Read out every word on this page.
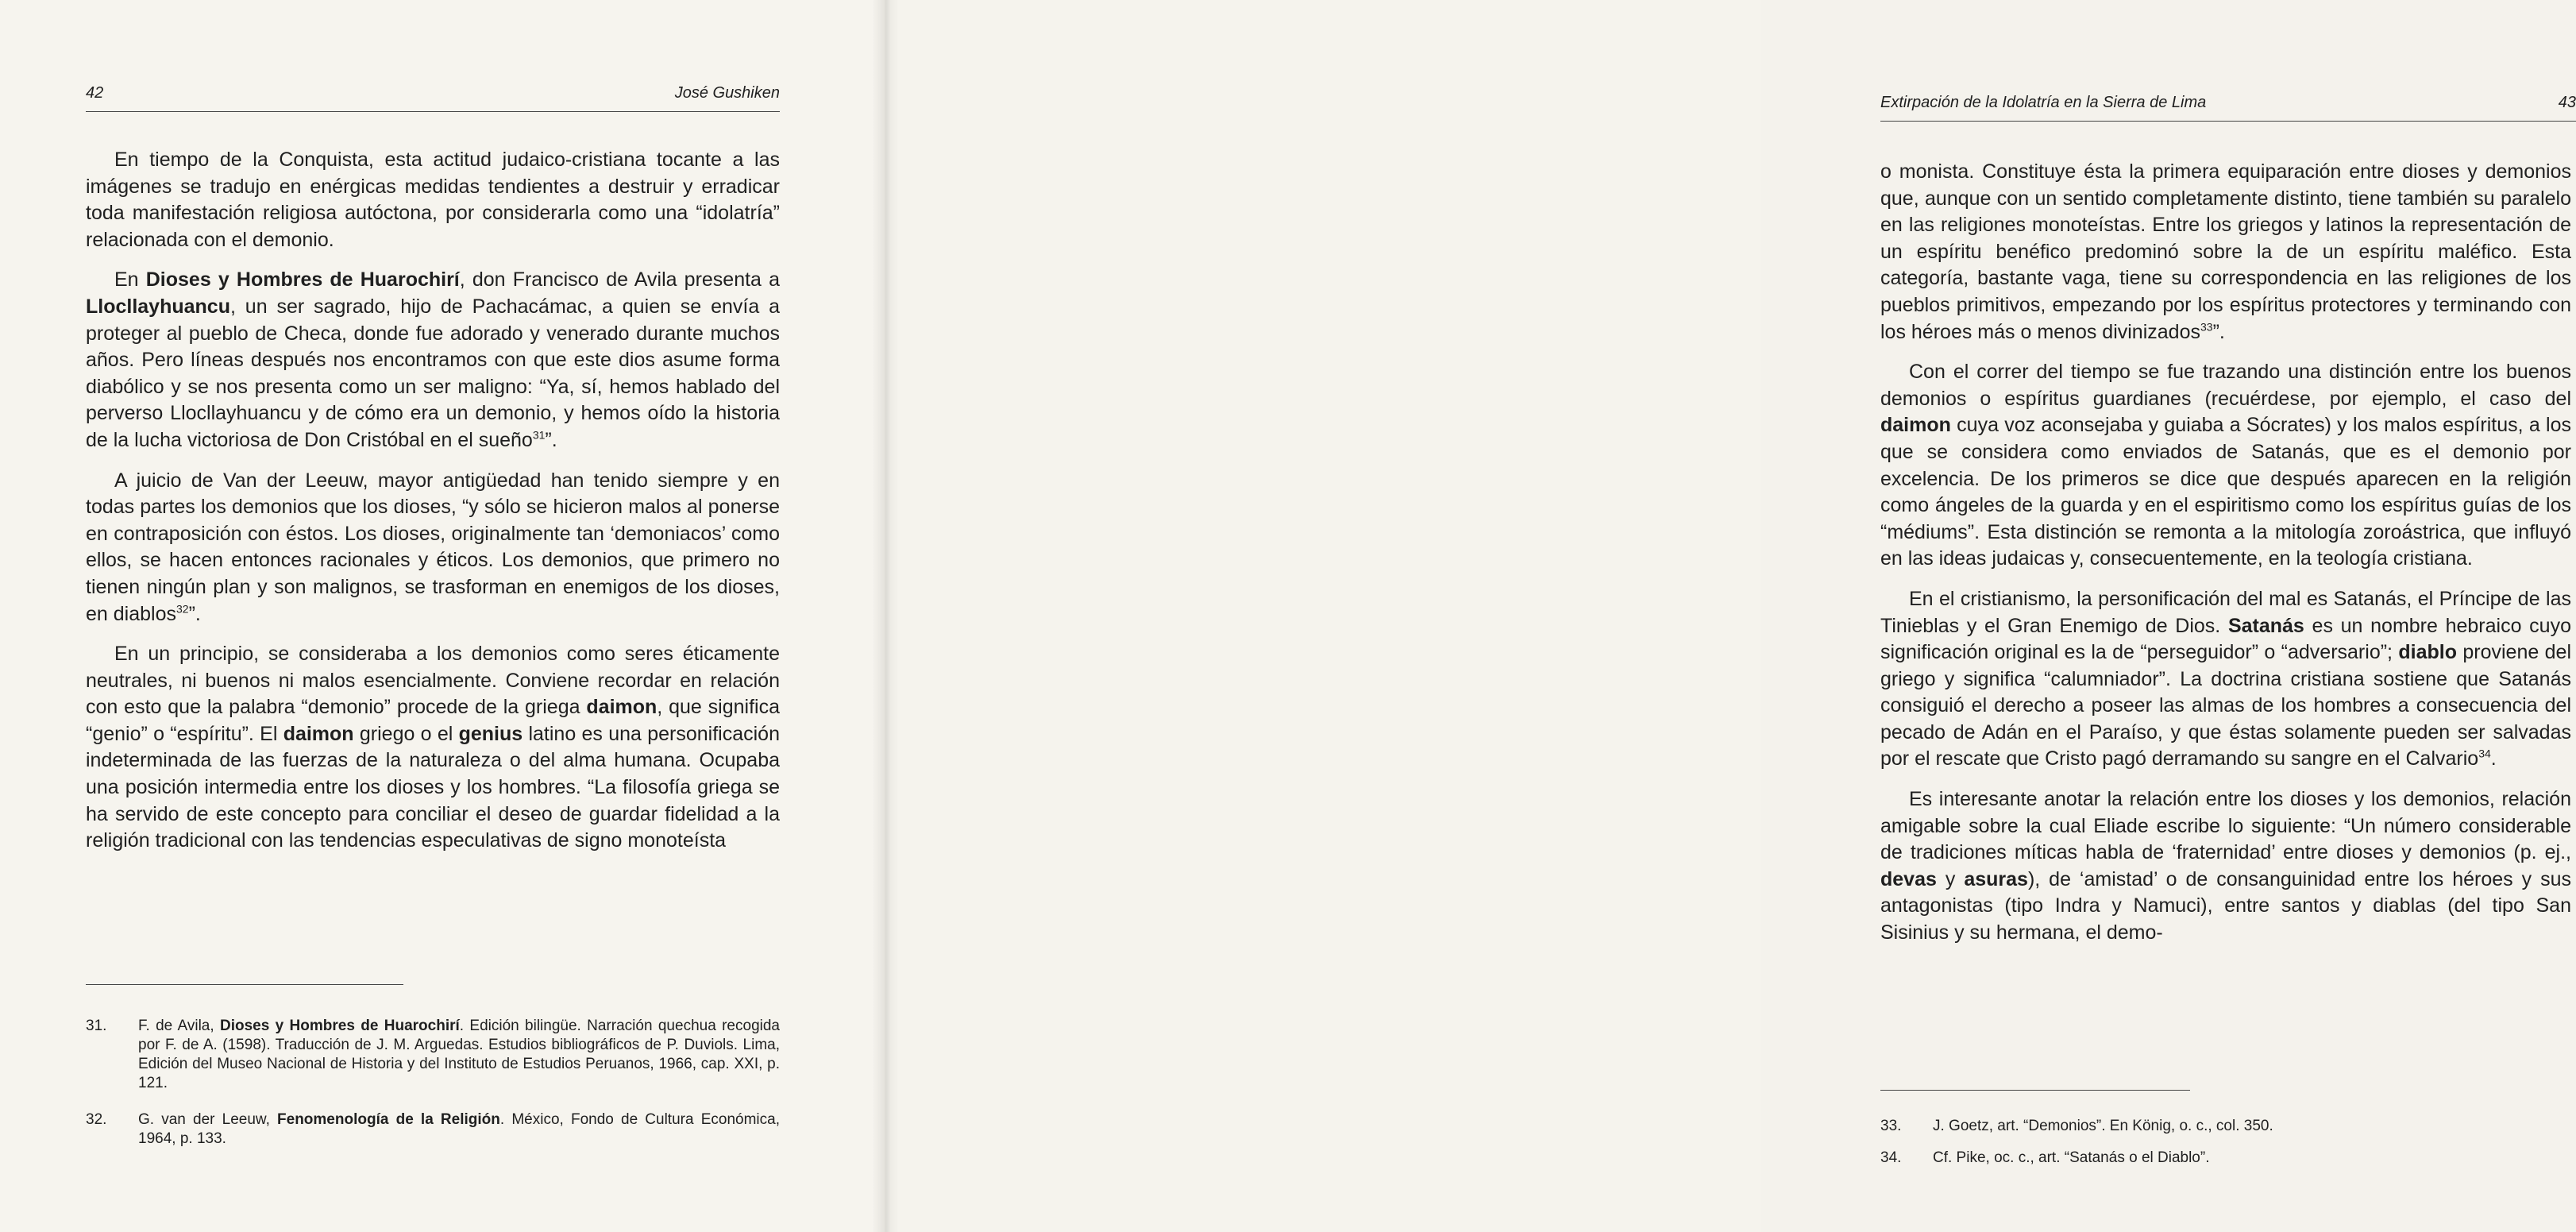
42	José Gushiken

En tiempo de la Conquista, esta actitud judaico-cristiana tocante a las imágenes se tradujo en enérgicas medidas tendientes a destruir y erradicar toda manifestación religiosa autóctona, por considerarla como una “idolatría” relacionada con el demonio.

En Dioses y Hombres de Huarochirí, don Francisco de Avila presenta a Llocllayhuancu, un ser sagrado, hijo de Pachacámac, a quien se envía a proteger al pueblo de Checa, donde fue adorado y venerado durante muchos años. Pero líneas después nos encontramos con que este dios asume forma diabólico y se nos presenta como un ser maligno: “Ya, sí, hemos hablado del perverso Llocllayhuancu y de cómo era un demonio, y hemos oído la historia de la lucha victoriosa de Don Cristóbal en el sueño$^{31}$”.

A juicio de Van der Leeuw, mayor antigüedad han tenido siempre y en todas partes los demonios que los dioses, “y sólo se hicieron malos al ponerse en contraposición con éstos. Los dioses, originalmente tan ‘demoniacos’ como ellos, se hacen entonces racionales y éticos. Los demonios, que primero no tienen ningún plan y son malignos, se trasforman en enemigos de los dioses, en diablos$^{32}$”.

En un principio, se consideraba a los demonios como seres éticamente neutrales, ni buenos ni malos esencialmente. Conviene recordar en relación con esto que la palabra “demonio” procede de la griega daimon, que significa “genio” o “espíritu”. El daimon griego o el genius latino es una personificación indeterminada de las fuerzas de la naturaleza o del alma humana. Ocupaba una posición intermedia entre los dioses y los hombres. “La filosofía griega se ha servido de este concepto para conciliar el deseo de guardar fidelidad a la religión tradicional con las tendencias especulativas de signo monoteísta

31. F. de Avila, Dioses y Hombres de Huarochirí. Edición bilingüe. Narración quechua recogida por F. de A. (1598). Traducción de J. M. Arguedas. Estudios bibliográficos de P. Duviols. Lima, Edición del Museo Nacional de Historia y del Instituto de Estudios Peruanos, 1966, cap. XXI, p. 121.
32. G. van der Leeuw, Fenomenología de la Religión. México, Fondo de Cultura Económica, 1964, p. 133.
Extirpación de la Idolatría en la Sierra de Lima	43

o monista. Constituye ésta la primera equiparación entre dioses y demonios que, aunque con un sentido completamente distinto, tiene también su paralelo en las religiones monoteístas. Entre los griegos y latinos la representación de un espíritu benéfico predominó sobre la de un espíritu maléfico. Esta categoría, bastante vaga, tiene su correspondencia en las religiones de los pueblos primitivos, empezando por los espíritus protectores y terminando con los héroes más o menos divinizados$^{33}$”.

Con el correr del tiempo se fue trazando una distinción entre los buenos demonios o espíritus guardianes (recuérdese, por ejemplo, el caso del daimon cuya voz aconsejaba y guiaba a Sócrates) y los malos espíritus, a los que se considera como enviados de Satanás, que es el demonio por excelencia. De los primeros se dice que después aparecen en la religión como ángeles de la guarda y en el espiritismo como los espíritus guías de los “médiums”. Esta distinción se remonta a la mitología zoroástrica, que influyó en las ideas judaicas y, consecuentemente, en la teología cristiana.

En el cristianismo, la personificación del mal es Satanás, el Príncipe de las Tinieblas y el Gran Enemigo de Dios. Satanás es un nombre hebraico cuyo significación original es la de “perseguidor” o “adversario”; diablo proviene del griego y significa “calumniador”. La doctrina cristiana sostiene que Satanás consiguió el derecho a poseer las almas de los hombres a consecuencia del pecado de Adán en el Paraíso, y que éstas solamente pueden ser salvadas por el rescate que Cristo pagó derramando su sangre en el Calvario$^{34}$.

Es interesante anotar la relación entre los dioses y los demonios, relación amigable sobre la cual Eliade escribe lo siguiente: “Un número considerable de tradiciones míticas habla de ‘fraternidad’ entre dioses y demonios (p. ej., devas y asuras), de ‘amistad’ o de consanguinidad entre los héroes y sus antagonistas (tipo Indra y Namuci), entre santos y diablas (del tipo San Sisinius y su hermana, el demo-

33. J. Goetz, art. “Demonios”. En König, o. c., col. 350.
34. Cf. Pike, oc. c., art. “Satanás o el Diablo”.
